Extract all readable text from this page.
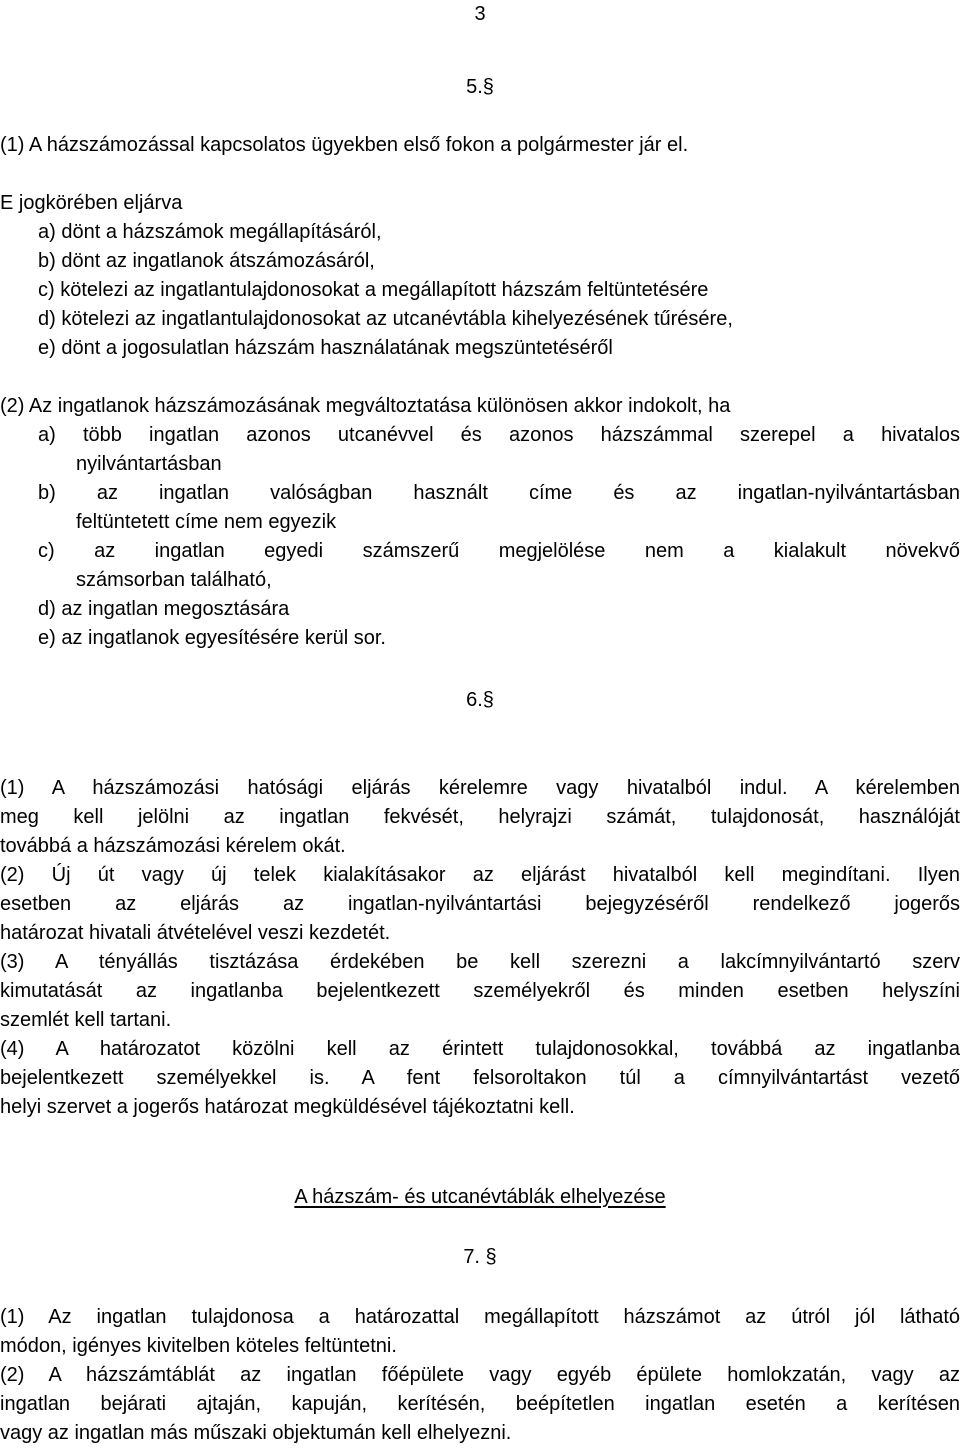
3
5.§
(1) A házszámozással kapcsolatos ügyekben első fokon a polgármester jár el.
E jogkörében eljárva
a) dönt a házszámok megállapításáról,
b) dönt az ingatlanok átszámozásáról,
c) kötelezi az ingatlantulajdonosokat a megállapított házszám feltüntetésére
d) kötelezi az ingatlantulajdonosokat az utcanévtábla kihelyezésének tűrésére,
e) dönt a jogosulatlan házszám használatának megszüntetéséről
(2) Az ingatlanok házszámozásának megváltoztatása különösen akkor indokolt, ha
a) több ingatlan azonos utcanévvel és azonos házszámmal szerepel a hivatalos
nyilvántartásban
b) az ingatlan valóságban használt címe és az ingatlan-nyilvántartásban
feltüntetett címe nem egyezik
c) az ingatlan egyedi számszerű megjelölése nem a kialakult növekvő
számsorban található,
d) az ingatlan megosztására
e) az ingatlanok egyesítésére kerül sor.
6.§
(1) A házszámozási hatósági eljárás kérelemre vagy hivatalból indul. A kérelemben
meg kell jelölni az ingatlan fekvését, helyrajzi számát, tulajdonosát, használóját
továbbá a házszámozási kérelem okát.
(2) Új út vagy új telek kialakításakor az eljárást hivatalból kell megindítani. Ilyen
esetben az eljárás az ingatlan-nyilvántartási bejegyzéséről rendelkező jogerős
határozat hivatali átvételével veszi kezdetét.
(3) A tényállás tisztázása érdekében be kell szerezni a lakcímnyilvántartó szerv
kimutatását az ingatlanba bejelentkezett személyekről és minden esetben helyszíni
szemlét kell tartani.
(4) A határozatot közölni kell az érintett tulajdonosokkal, továbbá az ingatlanba
bejelentkezett személyekkel is. A fent felsoroltakon túl a címnyilvántartást vezető
helyi szervet a jogerős határozat megküldésével tájékoztatni kell.
A házszám- és utcanévtáblák elhelyezése
7. §
(1) Az ingatlan tulajdonosa a határozattal megállapított házszámot az útról jól látható
módon, igényes kivitelben köteles feltüntetni.
(2) A házszámtáblát az ingatlan főépülete vagy egyéb épülete homlokzatán, vagy az
ingatlan bejárati ajtaján, kapuján, kerítésén, beépítetlen ingatlan esetén a kerítésen
vagy az ingatlan más műszaki objektumán kell elhelyezni.
